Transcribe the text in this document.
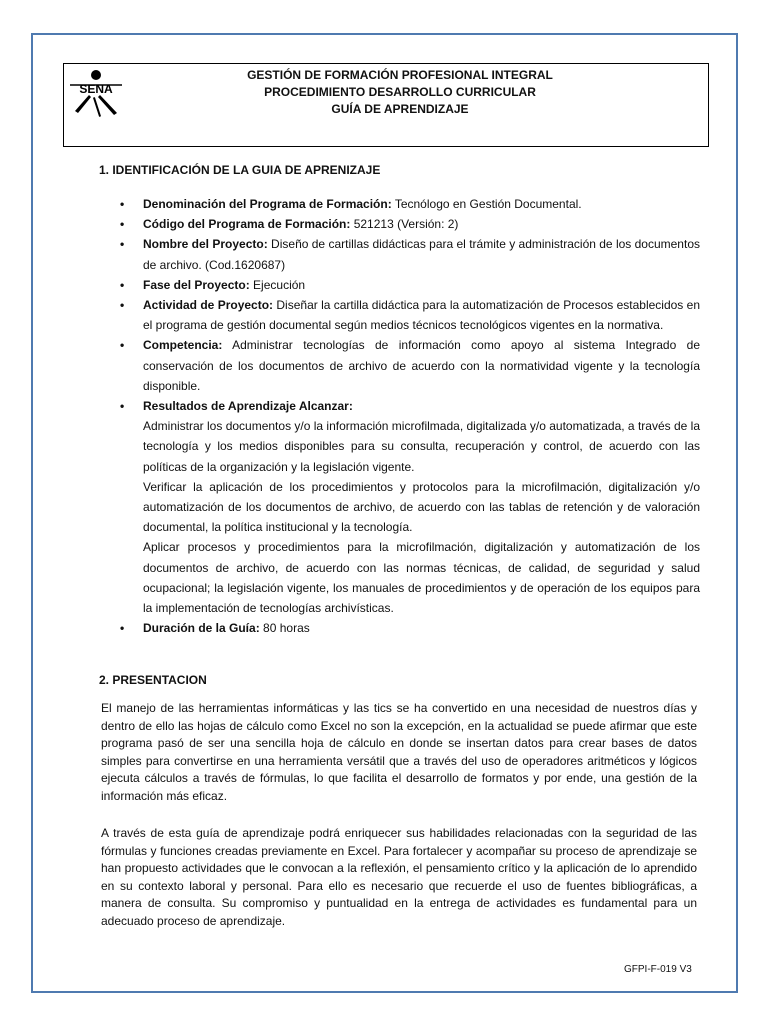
SENA
GESTIÓN DE FORMACIÓN PROFESIONAL INTEGRAL
PROCEDIMIENTO DESARROLLO CURRICULAR
GUÍA DE APRENDIZAJE
1. IDENTIFICACIÓN DE LA GUIA DE APRENIZAJE
• Denominación del Programa de Formación: Tecnólogo en Gestión Documental.
• Código del Programa de Formación: 521213 (Versión: 2)
• Nombre del Proyecto: Diseño de cartillas didácticas para el trámite y administración de los documentos de archivo. (Cod.1620687)
• Fase del Proyecto: Ejecución
• Actividad de Proyecto: Diseñar la cartilla didáctica para la automatización de Procesos establecidos en el programa de gestión documental según medios técnicos tecnológicos vigentes en la normativa.
• Competencia: Administrar tecnologías de información como apoyo al sistema Integrado de conservación de los documentos de archivo de acuerdo con la normatividad vigente y la tecnología disponible.
• Resultados de Aprendizaje Alcanzar:
Administrar los documentos y/o la información microfilmada, digitalizada y/o automatizada, a través de la tecnología y los medios disponibles para su consulta, recuperación y control, de acuerdo con las políticas de la organización y la legislación vigente.
Verificar la aplicación de los procedimientos y protocolos para la microfilmación, digitalización y/o automatización de los documentos de archivo, de acuerdo con las tablas de retención y de valoración documental, la política institucional y la tecnología.
Aplicar procesos y procedimientos para la microfilmación, digitalización y automatización de los documentos de archivo, de acuerdo con las normas técnicas, de calidad, de seguridad y salud ocupacional; la legislación vigente, los manuales de procedimientos y de operación de los equipos para la implementación de tecnologías archivísticas.
• Duración de la Guía: 80 horas
2. PRESENTACION

El manejo de las herramientas informáticas y las tics se ha convertido en una necesidad de nuestros días y dentro de ello las hojas de cálculo como Excel no son la excepción, en la actualidad se puede afirmar que este programa pasó de ser una sencilla hoja de cálculo en donde se insertan datos para crear bases de datos simples para convertirse en una herramienta versátil que a través del uso de operadores aritméticos y lógicos ejecuta cálculos a través de fórmulas, lo que facilita el desarrollo de formatos y por ende, una gestión de la información más eficaz.

A través de esta guía de aprendizaje podrá enriquecer sus habilidades relacionadas con la seguridad de las fórmulas y funciones creadas previamente en Excel. Para fortalecer y acompañar su proceso de aprendizaje se han propuesto actividades que le convocan a la reflexión, el pensamiento crítico y la aplicación de lo aprendido en su contexto laboral y personal. Para ello es necesario que recuerde el uso de fuentes bibliográficas, a manera de consulta. Su compromiso y puntualidad en la entrega de actividades es fundamental para un adecuado proceso de aprendizaje.

GFPI-F-019 V3
